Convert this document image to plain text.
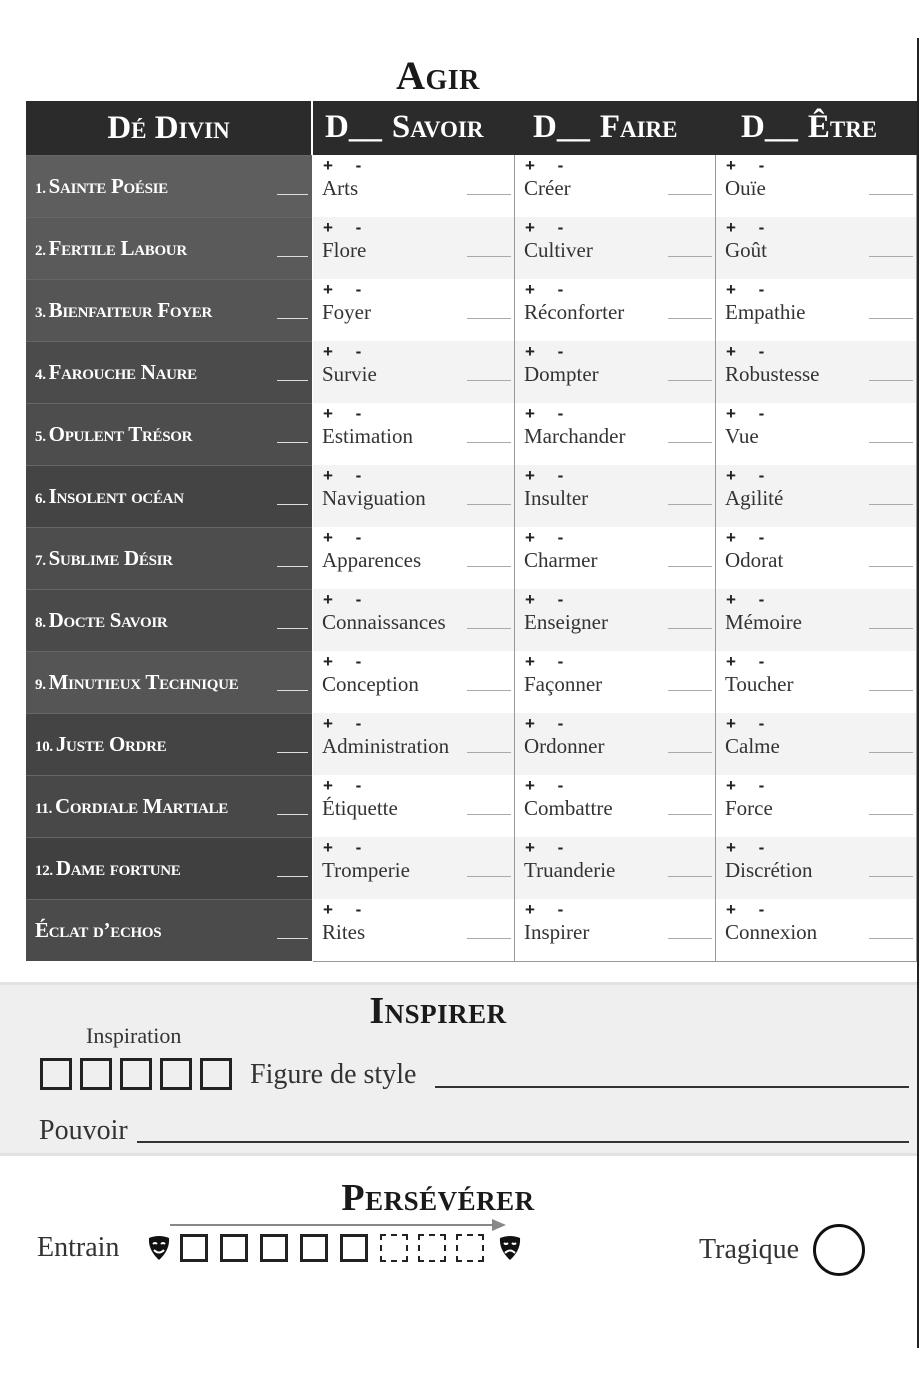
Agir
Dé Divin	D__ Savoir D__ Faire D__ Être
1. Sainte Poésie
2. Fertile Labour
3. Bienfaiteur Foyer
4. Farouche Naure
5. Opulent Trésor
6. Insolent océan
7. Sublime Désir
8. Docte Savoir
9. Minutieux Technique
10. Juste Ordre
11. Cordiale Martiale
12. Dame fortune
Éclat d’echos
+ -
Arts
+ -
Créer
+ -
Ouïe
+ -
Flore
+ -
Cultiver
+ -
Goût
+ -
Foyer
+ -
Réconforter
+ -
Empathie
+ -
Survie
+ -
Dompter
+ -
Robustesse
+ -
Estimation
+ -
Marchander
+ -
Vue
+ -
Naviguation
+ -
Insulter
+ -
Agilité
+ -
Apparences
+ -
Charmer
+ -
Odorat
+ -
Connaissances
+ -
Enseigner
+ -
Mémoire
+ -
Conception
+ -
Façonner
+ -
Toucher
+ -
Administration
+ -
Ordonner
+ -
Calme
+ -
Étiquette
+ -
Combattre
+ -
Force
+ -
Tromperie
+ -
Truanderie
+ -
Discrétion
+ -
Rites
+ -
Inspirer
+ -
Connexion
Inspirer
Inspiration
Figure de style
Pouvoir
Persévérer
Entrain	Tragique
